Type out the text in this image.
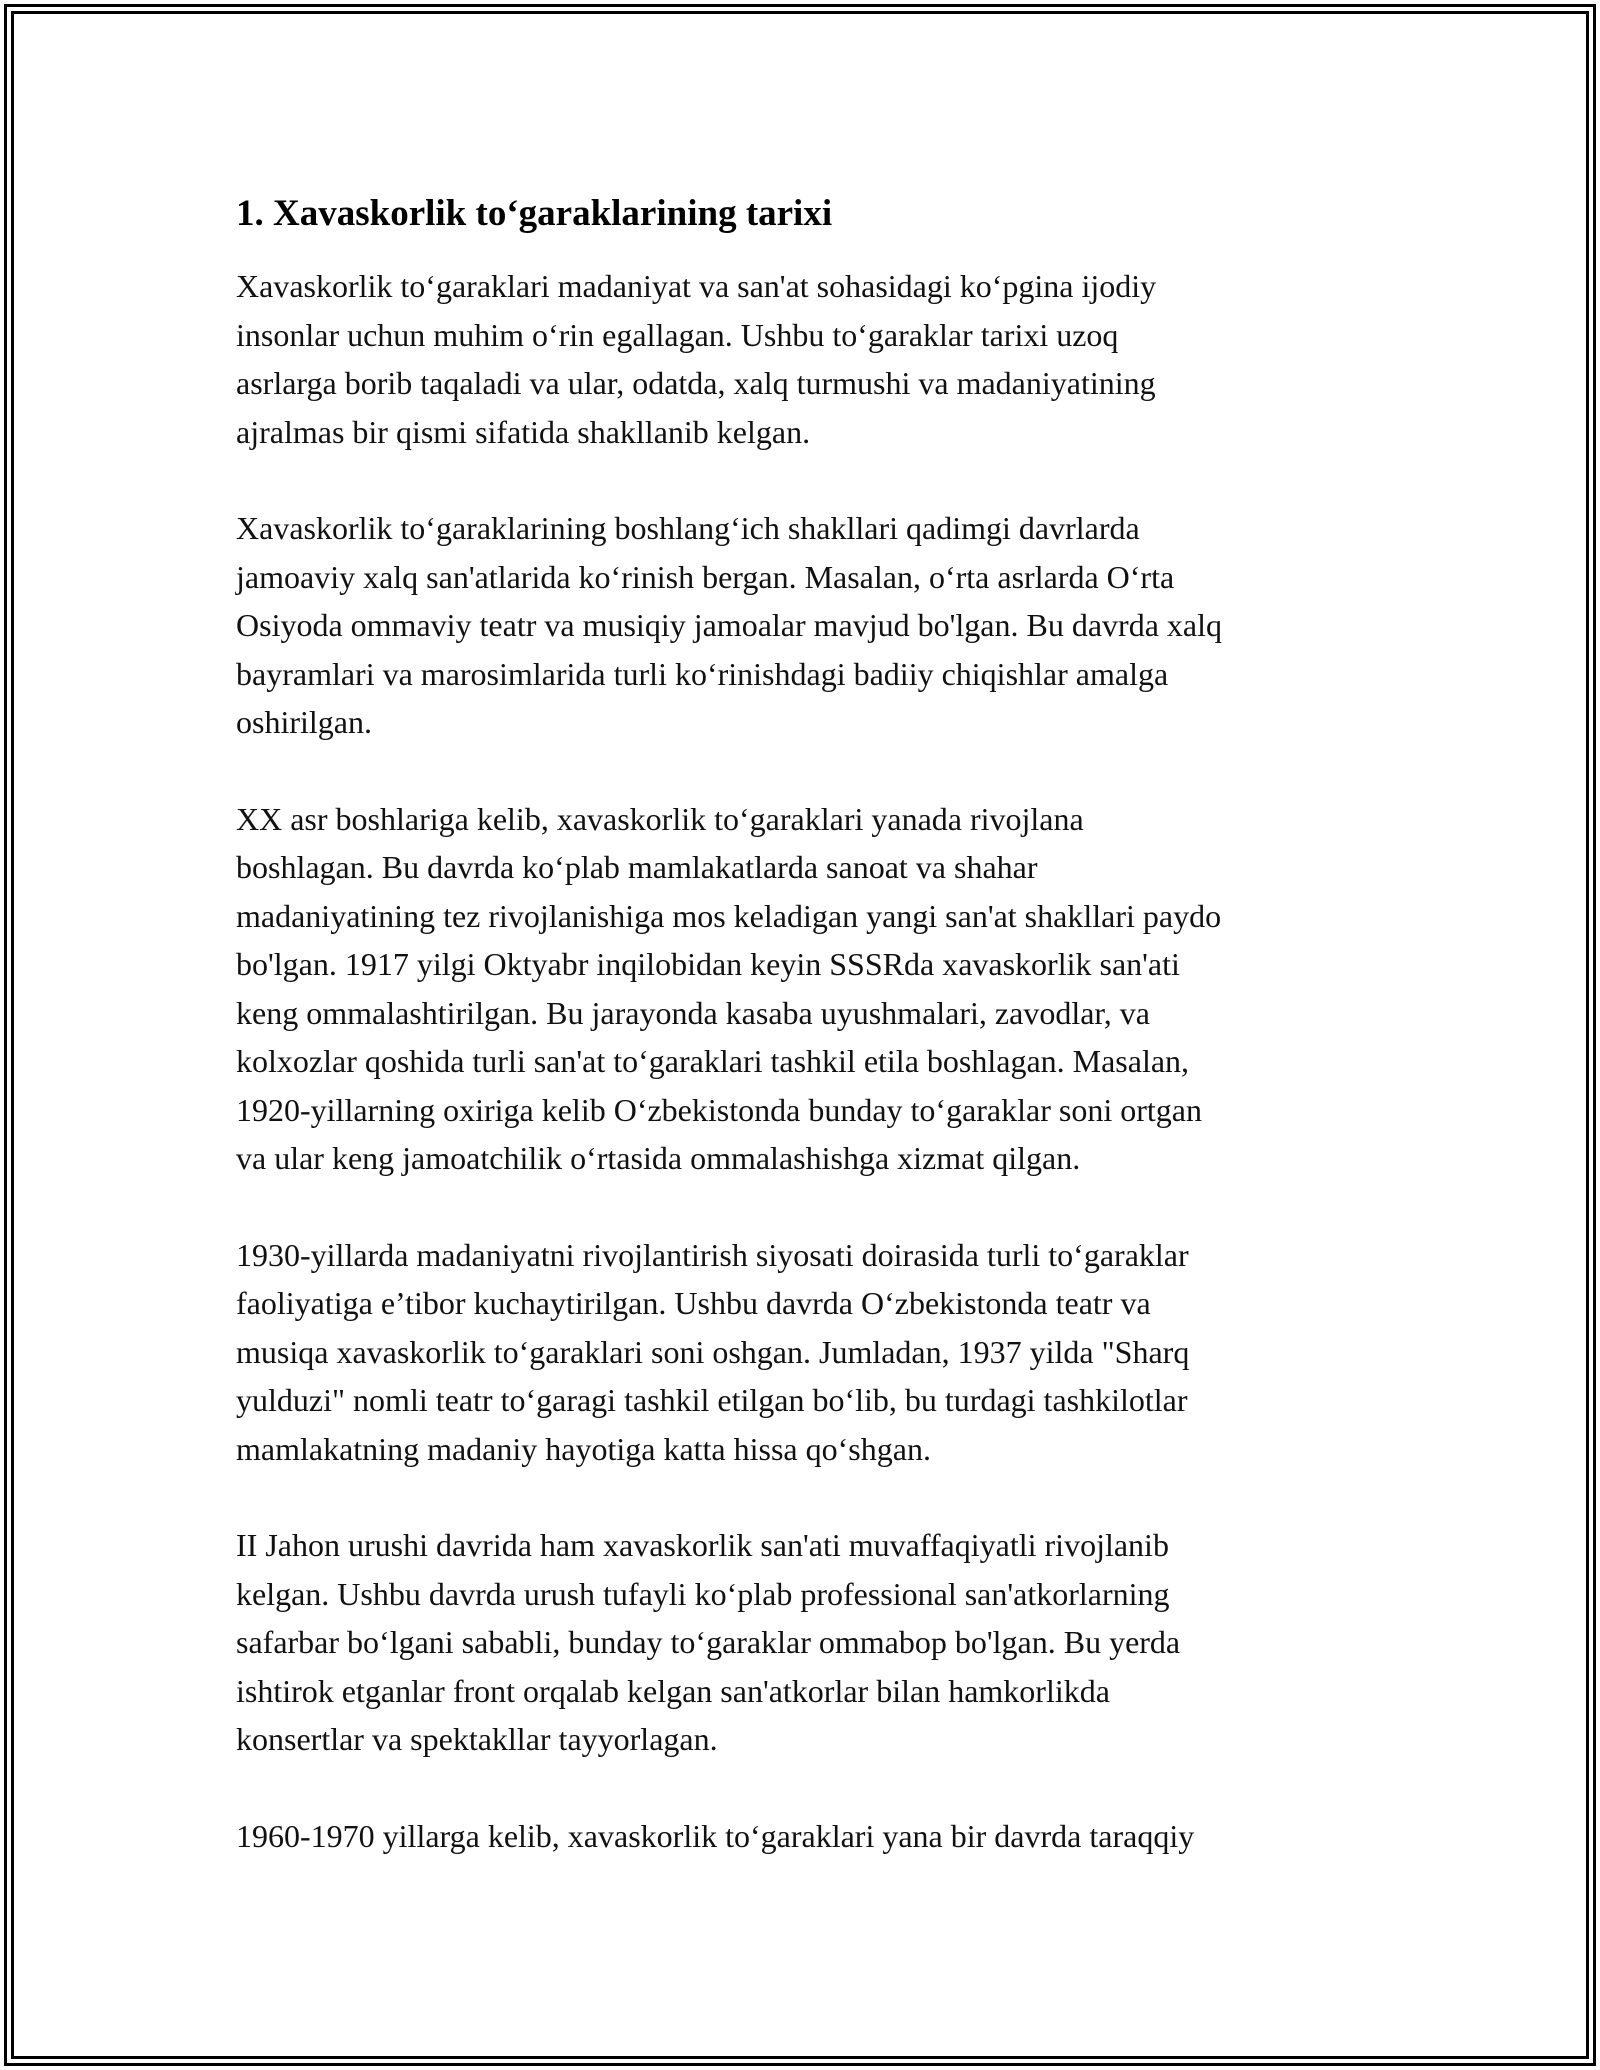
1. Xavaskorlik to‘garaklarining tarixi

Xavaskorlik to‘garaklari madaniyat va san'at sohasidagi ko‘pgina ijodiy
insonlar uchun muhim o‘rin egallagan. Ushbu to‘garaklar tarixi uzoq
asrlarga borib taqaladi va ular, odatda, xalq turmushi va madaniyatining
ajralmas bir qismi sifatida shakllanib kelgan.

Xavaskorlik to‘garaklarining boshlang‘ich shakllari qadimgi davrlarda
jamoaviy xalq san'atlarida ko‘rinish bergan. Masalan, o‘rta asrlarda O‘rta
Osiyoda ommaviy teatr va musiqiy jamoalar mavjud bo'lgan. Bu davrda xalq
bayramlari va marosimlarida turli ko‘rinishdagi badiiy chiqishlar amalga
oshirilgan.

XX asr boshlariga kelib, xavaskorlik to‘garaklari yanada rivojlana
boshlagan. Bu davrda ko‘plab mamlakatlarda sanoat va shahar
madaniyatining tez rivojlanishiga mos keladigan yangi san'at shakllari paydo
bo'lgan. 1917 yilgi Oktyabr inqilobidan keyin SSSRda xavaskorlik san'ati
keng ommalashtirilgan. Bu jarayonda kasaba uyushmalari, zavodlar, va
kolxozlar qoshida turli san'at to‘garaklari tashkil etila boshlagan. Masalan,
1920-yillarning oxiriga kelib O‘zbekistonda bunday to‘garaklar soni ortgan
va ular keng jamoatchilik o‘rtasida ommalashishga xizmat qilgan.

1930-yillarda madaniyatni rivojlantirish siyosati doirasida turli to‘garaklar
faoliyatiga e’tibor kuchaytirilgan. Ushbu davrda O‘zbekistonda teatr va
musiqa xavaskorlik to‘garaklari soni oshgan. Jumladan, 1937 yilda "Sharq
yulduzi" nomli teatr to‘garagi tashkil etilgan bo‘lib, bu turdagi tashkilotlar
mamlakatning madaniy hayotiga katta hissa qo‘shgan.

II Jahon urushi davrida ham xavaskorlik san'ati muvaffaqiyatli rivojlanib
kelgan. Ushbu davrda urush tufayli ko‘plab professional san'atkorlarning
safarbar bo‘lgani sababli, bunday to‘garaklar ommabop bo'lgan. Bu yerda
ishtirok etganlar front orqalab kelgan san'atkorlar bilan hamkorlikda
konsertlar va spektakllar tayyorlagan.

1960-1970 yillarga kelib, xavaskorlik to‘garaklari yana bir davrda taraqqiy
